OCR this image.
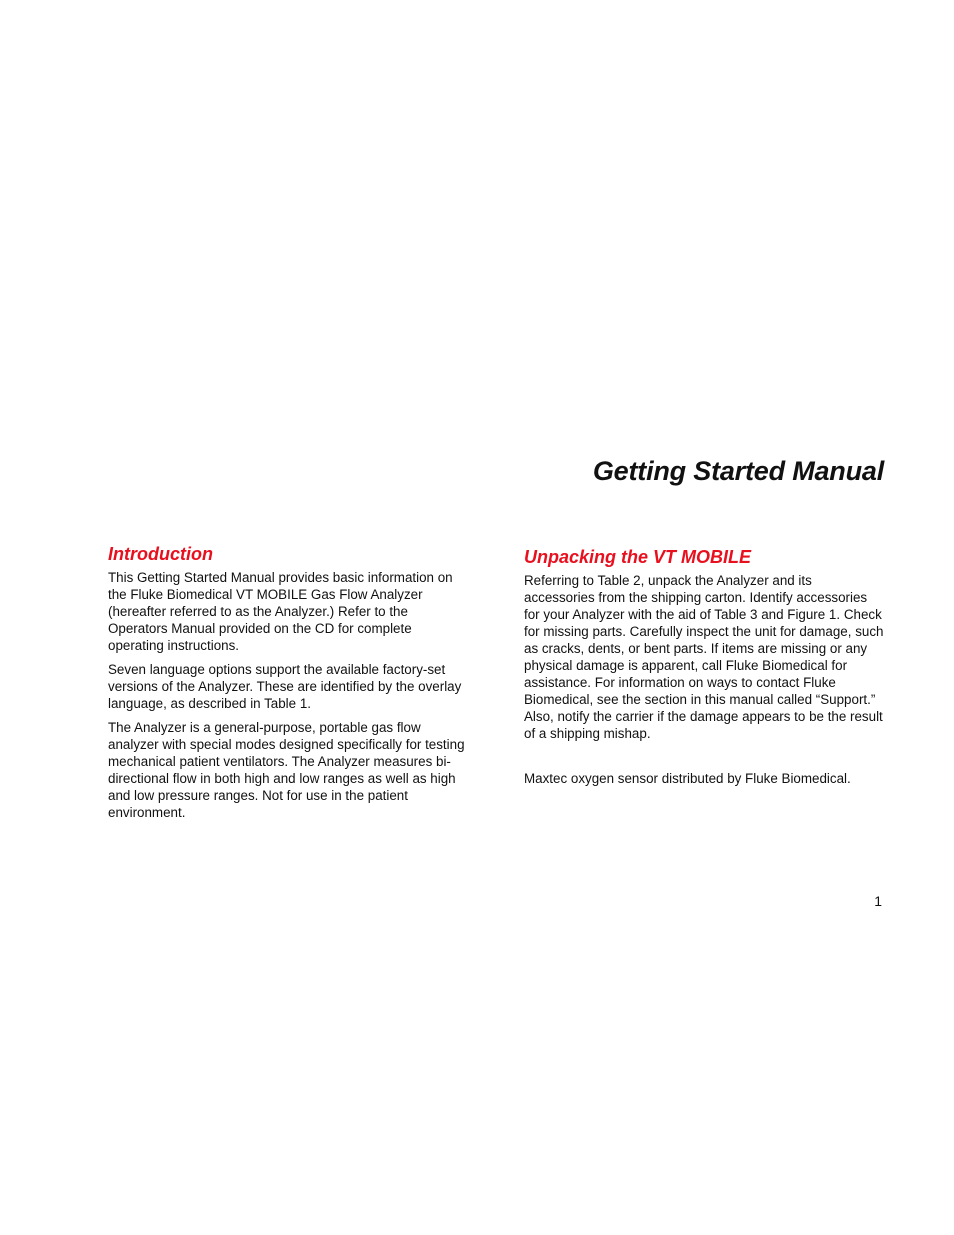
Getting Started Manual
Introduction

This Getting Started Manual provides basic information on the Fluke Biomedical VT MOBILE Gas Flow Analyzer (hereafter referred to as the Analyzer.) Refer to the Operators Manual provided on the CD for complete operating instructions.

Seven language options support the available factory-set versions of the Analyzer. These are identified by the overlay language, as described in Table 1.

The Analyzer is a general-purpose, portable gas flow analyzer with special modes designed specifically for testing mechanical patient ventilators. The Analyzer measures bi-directional flow in both high and low ranges as well as high and low pressure ranges. Not for use in the patient environment.

Unpacking the VT MOBILE

Referring to Table 2, unpack the Analyzer and its accessories from the shipping carton. Identify accessories for your Analyzer with the aid of Table 3 and Figure 1. Check for missing parts. Carefully inspect the unit for damage, such as cracks, dents, or bent parts. If items are missing or any physical damage is apparent, call Fluke Biomedical for assistance. For information on ways to contact Fluke Biomedical, see the section in this manual called “Support.” Also, notify the carrier if the damage appears to be the result of a shipping mishap.

Maxtec oxygen sensor distributed by Fluke Biomedical.

1
